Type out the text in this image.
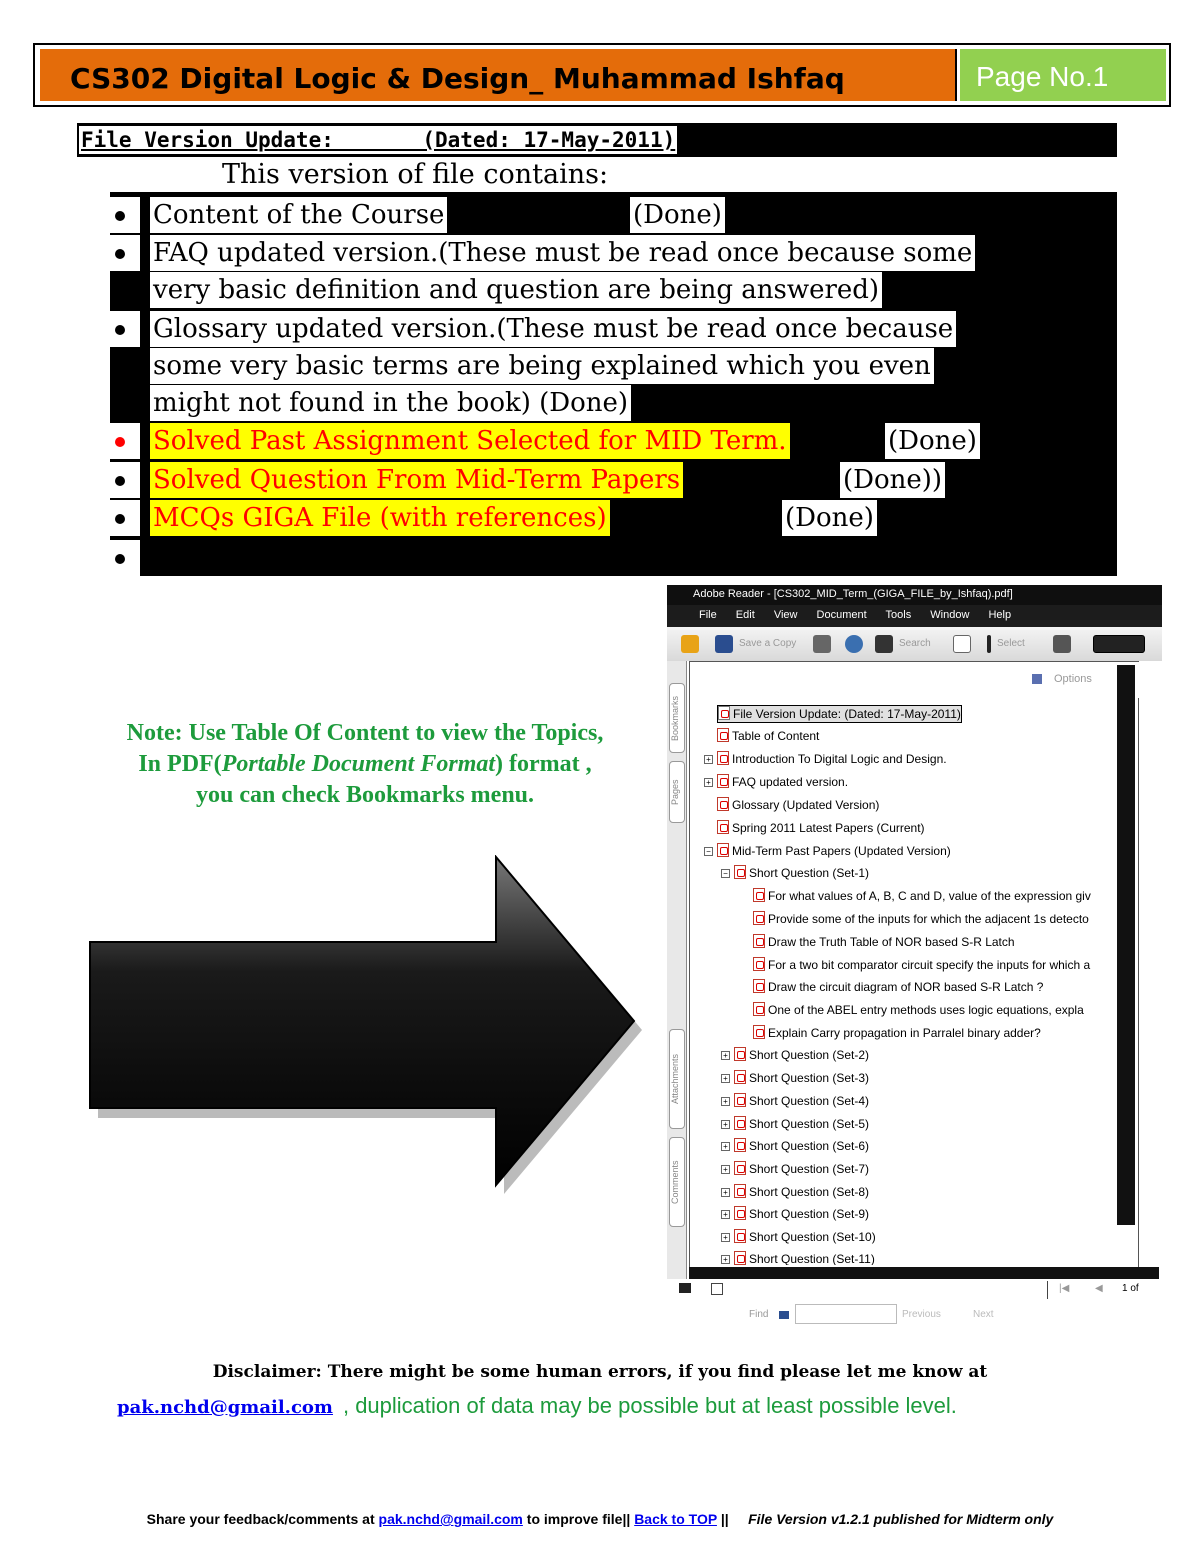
CS302 Digital Logic & Design_ Muhammad Ishfaq	Page No.1
File Version Update:       (Dated: 17-May-2011)
This version of file contains:
Content of the Course	(Done)
FAQ updated version.(These must be read once because some
very basic definition and question are being answered)
Glossary updated version.(These must be read once because
some very basic terms are being explained which you even
might not found in the book) (Done)
Solved Past Assignment Selected for MID Term.	(Done)
Solved Question From Mid-Term Papers	(Done))
MCQs GIGA File (with references)	(Done)
Note: Use Table Of Content to view the Topics,
In PDF(Portable Document Format) format ,
you can check Bookmarks menu.
Adobe Reader - [CS302_MID_Term_(GIGA_FILE_by_Ishfaq).pdf]
File Edit View Document Tools Window Help
Save a Copy	Search	Select
Bookmarks
Pages
Attachments
Comments
Options
File Version Update: (Dated: 17-May-2011)
Table of Content
+ Introduction To Digital Logic and Design.
+ FAQ updated version.
Glossary (Updated Version)
Spring 2011 Latest Papers (Current)
− Mid-Term Past Papers (Updated Version)
− Short Question (Set-1)
For what values of A, B, C and D, value of the expression giv
Provide some of the inputs for which the adjacent 1s detecto
Draw the Truth Table of NOR based S-R Latch
For a two bit comparator circuit specify the inputs for which a
Draw the circuit diagram of NOR based S-R Latch ?
One of the ABEL entry methods uses logic equations, expla
Explain Carry propagation in Parralel binary adder?
+ Short Question (Set-2)
+ Short Question (Set-3)
+ Short Question (Set-4)
+ Short Question (Set-5)
+ Short Question (Set-6)
+ Short Question (Set-7)
+ Short Question (Set-8)
+ Short Question (Set-9)
+ Short Question (Set-10)
+ Short Question (Set-11)
|◀	◀ 1 of
Find	Previous	Next
Disclaimer: There might be some human errors, if you find please let me know at
pak.nchd@gmail.com , duplication of data may be possible but at least possible level.
Share your feedback/comments at pak.nchd@gmail.com to improve file|| Back to TOP ||     File Version v1.2.1 published for Midterm only
